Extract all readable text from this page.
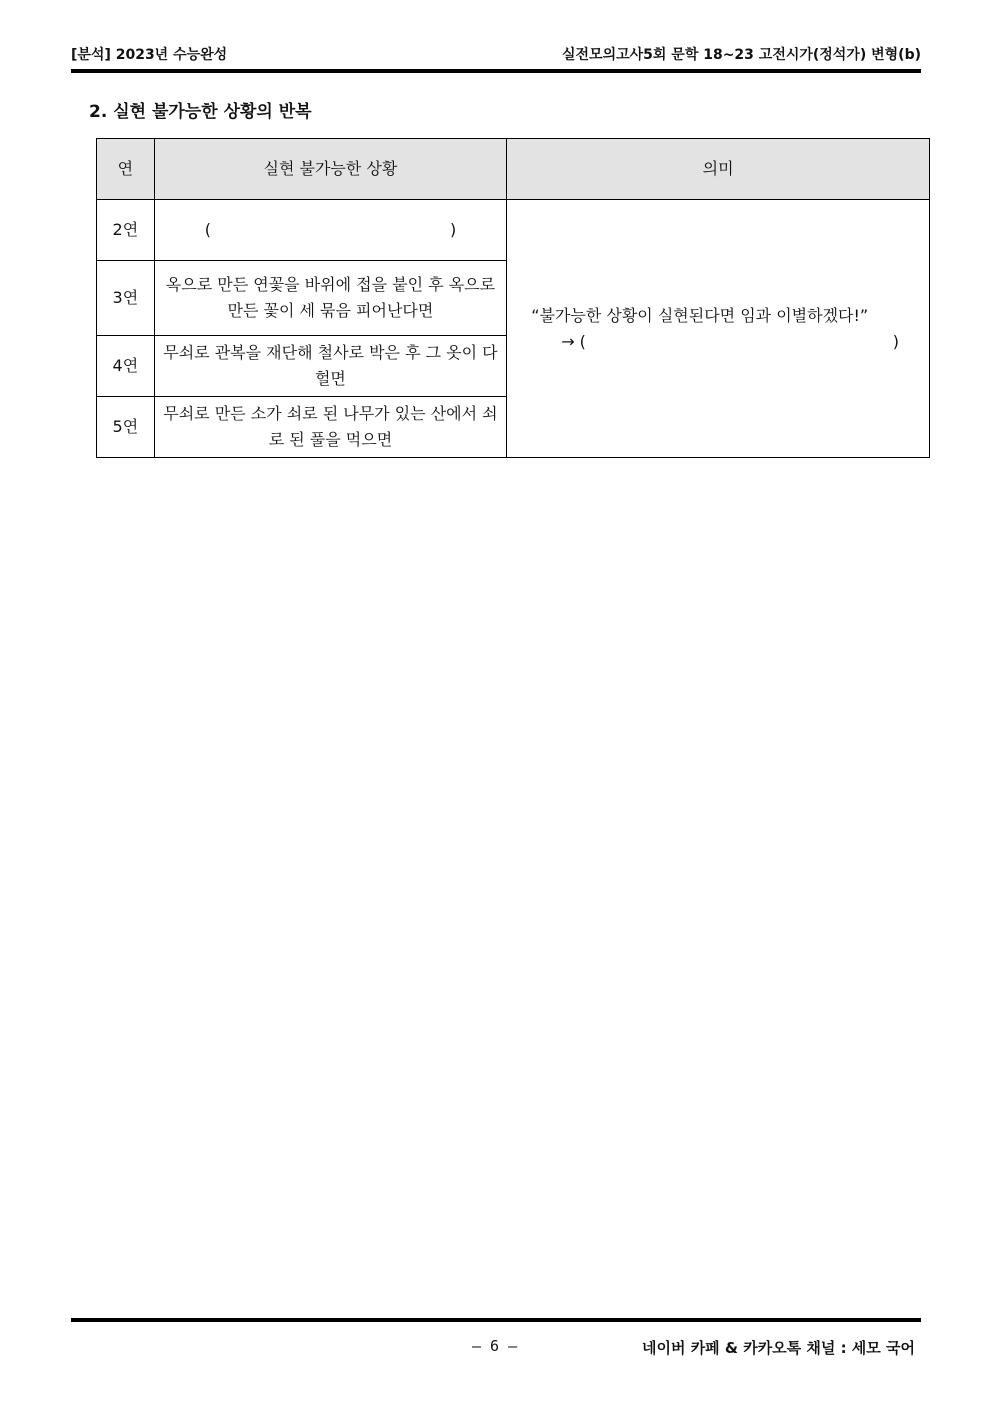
[분석] 2023년 수능완성	실전모의고사5회 문학 18~23 고전시가(정석가) 변형(b)
2. 실현 불가능한 상황의 반복
연	실현 불가능한 상황	의미
2연	( )	“불가능한 상황이 실현된다면 임과 이별하겠다!”
→ ( )

3연	옥으로 만든 연꽃을 바위에 접을 붙인 후 옥으로 만든 꽃이 세 묶음 피어난다면	
4연	무쇠로 관복을 재단해 철사로 박은 후 그 옷이 다 헐면	
5연	무쇠로 만든 소가 쇠로 된 나무가 있는 산에서 쇠로 된 풀을 먹으면	
– 6 –	네이버 카페 & 카카오톡 채널 : 세모 국어
